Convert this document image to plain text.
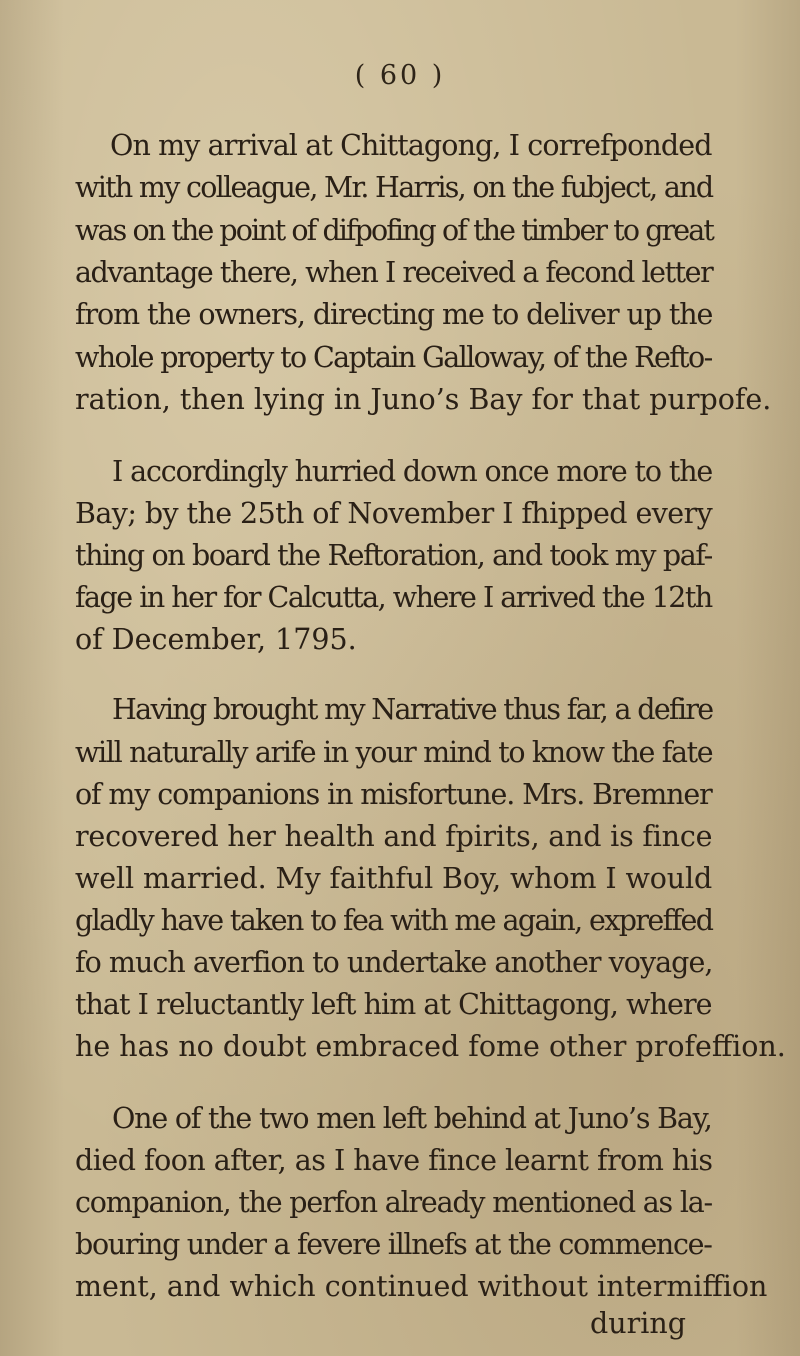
( 60 )
On my arrival at Chittagong, I correfponded
with my colleague, Mr. Harris, on the fubject, and
was on the point of difpofing of the timber to great
advantage there, when I received a fecond letter
from the owners, directing me to deliver up the
whole property to Captain Galloway, of the Refto-
ration, then lying in Juno’s Bay for that purpofe.
I accordingly hurried down once more to the
Bay; by the 25th of November I fhipped every
thing on board the Reftoration, and took my paf-
fage in her for Calcutta, where I arrived the 12th
of December, 1795.
Having brought my Narrative thus far, a defire
will naturally arife in your mind to know the fate
of my companions in misfortune. Mrs. Bremner
recovered her health and fpirits, and is fince
well married. My faithful Boy, whom I would
gladly have taken to fea with me again, expreffed
fo much averfion to undertake another voyage,
that I reluctantly left him at Chittagong, where
he has no doubt embraced fome other profeffion.
One of the two men left behind at Juno’s Bay,
died foon after, as I have fince learnt from his
companion, the perfon already mentioned as la-
bouring under a fevere illnefs at the commence-
ment, and which continued without intermiffion
during
